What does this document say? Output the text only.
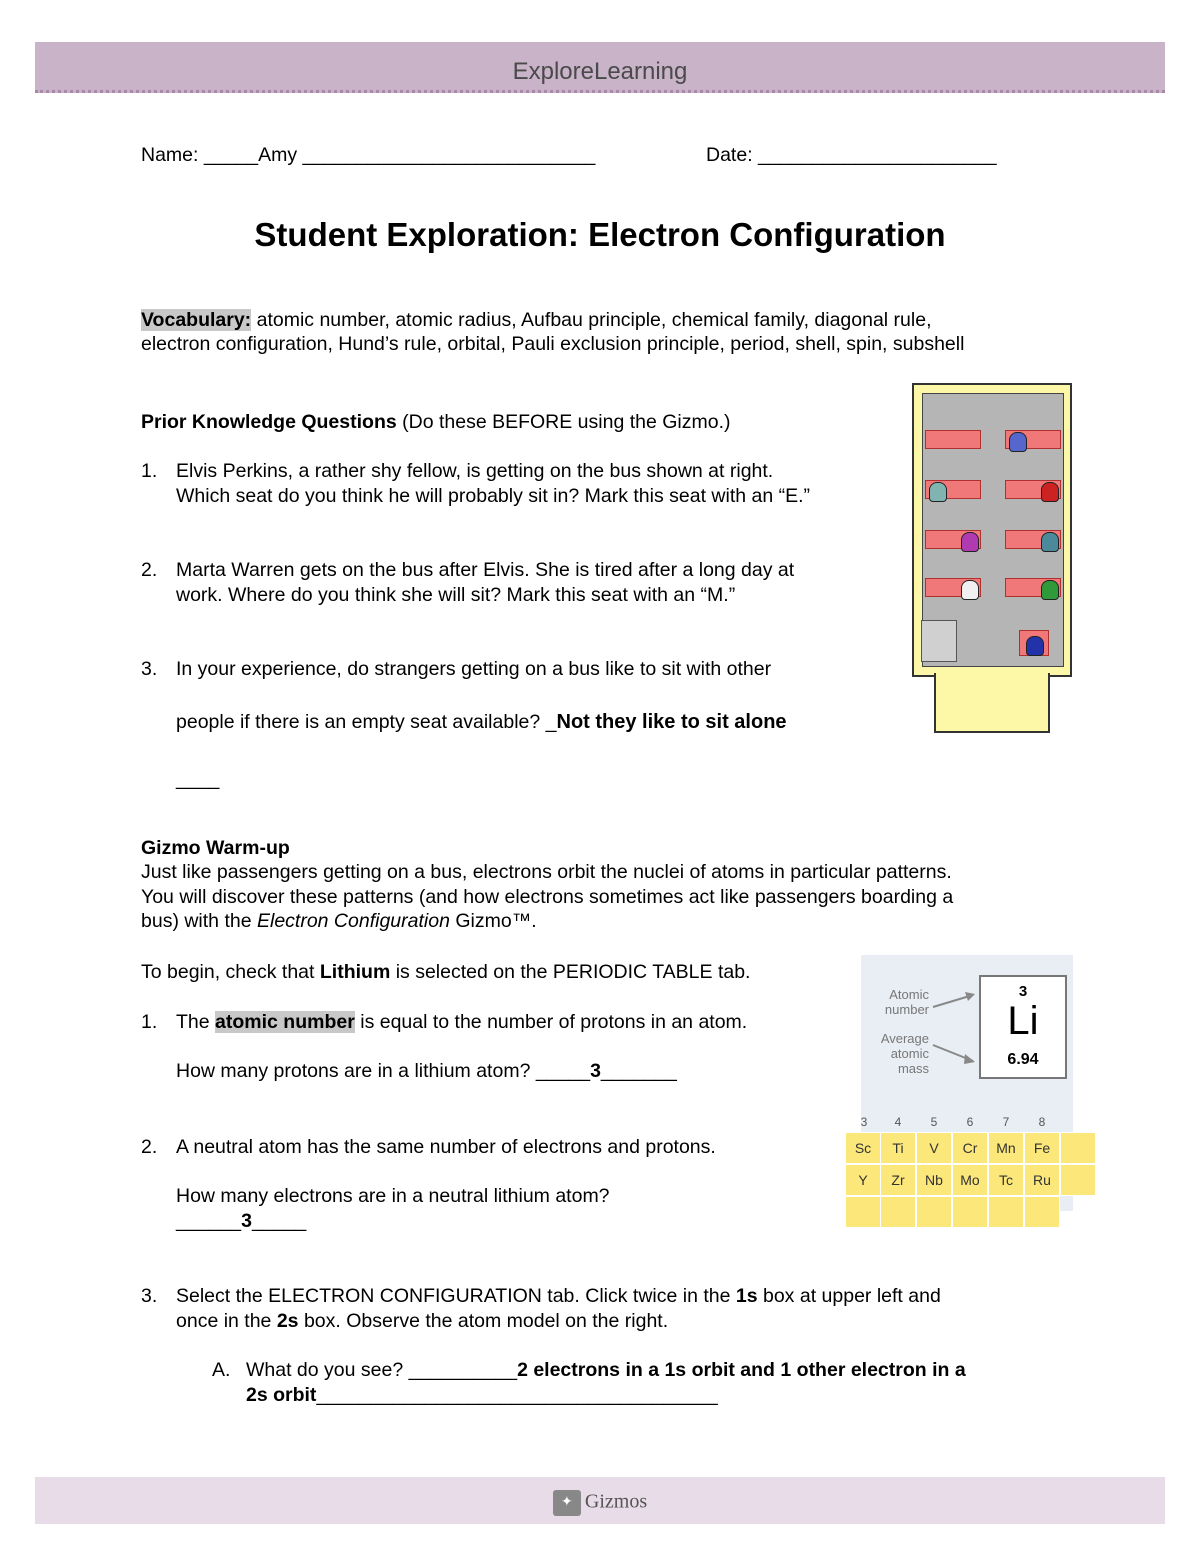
ExploreLearning
✦ Gizmos
Name: _____Amy ___________________________	Date: ______________________
Student Exploration: Electron Configuration
Vocabulary: atomic number, atomic radius, Aufbau principle, chemical family, diagonal rule,
electron configuration, Hund’s rule, orbital, Pauli exclusion principle, period, shell, spin, subshell
Prior Knowledge Questions (Do these BEFORE using the Gizmo.)
1. Elvis Perkins, a rather shy fellow, is getting on the bus shown at right.
Which seat do you think he will probably sit in? Mark this seat with an “E.”
2. Marta Warren gets on the bus after Elvis. She is tired after a long day at
work. Where do you think she will sit? Mark this seat with an “M.”
3. In your experience, do strangers getting on a bus like to sit with other
people if there is an empty seat available? _Not they like to sit alone
____
Gizmo Warm-up
Just like passengers getting on a bus, electrons orbit the nuclei of atoms in particular patterns.
You will discover these patterns (and how electrons sometimes act like passengers boarding a
bus) with the Electron Configuration Gizmo™.
To begin, check that Lithium is selected on the PERIODIC TABLE tab.
1. The atomic number is equal to the number of protons in an atom.
How many protons are in a lithium atom? _____3_______
2. A neutral atom has the same number of electrons and protons.
How many electrons are in a neutral lithium atom?
______3_____
3. Select the ELECTRON CONFIGURATION tab. Click twice in the 1s box at upper left and
once in the 2s box. Observe the atom model on the right.
A. What do you see? __________2 electrons in a 1s orbit and 1 other electron in a
2s orbit_____________________________________
Atomic number
Average atomic mass
3
Li
6.94
3	4	5	6	7	8
Sc	Ti	V	Cr	Mn	Fe
Y	Zr	Nb	Mo	Tc	Ru
